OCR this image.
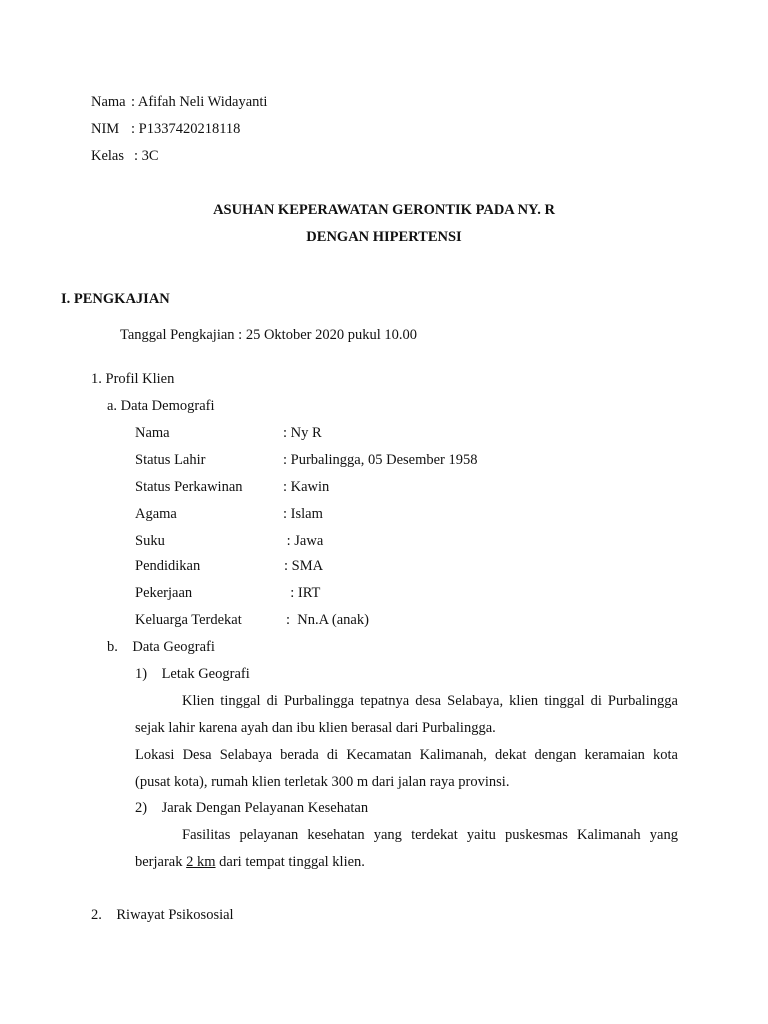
Nama : Afifah Neli Widayanti
NIM : P1337420218118
Kelas : 3C
ASUHAN KEPERAWATAN GERONTIK PADA NY. R
DENGAN HIPERTENSI
I. PENGKAJIAN
Tanggal Pengkajian : 25 Oktober 2020 pukul 10.00
1. Profil Klien
a. Data Demografi
Nama	: Ny R
Status Lahir	: Purbalingga, 05 Desember 1958
Status Perkawinan	: Kawin
Agama	: Islam
Suku	: Jawa
Pendidikan	: SMA
Pekerjaan	: IRT
Keluarga Terdekat	:  Nn.A (anak)
b.    Data Geografi
1)    Letak Geografi
Klien tinggal di Purbalingga tepatnya desa Selabaya, klien tinggal di Purbalingga
sejak lahir karena ayah dan ibu klien berasal dari Purbalingga.
Lokasi Desa Selabaya berada di Kecamatan Kalimanah, dekat dengan keramaian kota
(pusat kota), rumah klien terletak 300 m dari jalan raya provinsi.
2)    Jarak Dengan Pelayanan Kesehatan
Fasilitas pelayanan kesehatan yang terdekat yaitu puskesmas Kalimanah yang
berjarak 2 km dari tempat tinggal klien.
2.    Riwayat Psikososial
